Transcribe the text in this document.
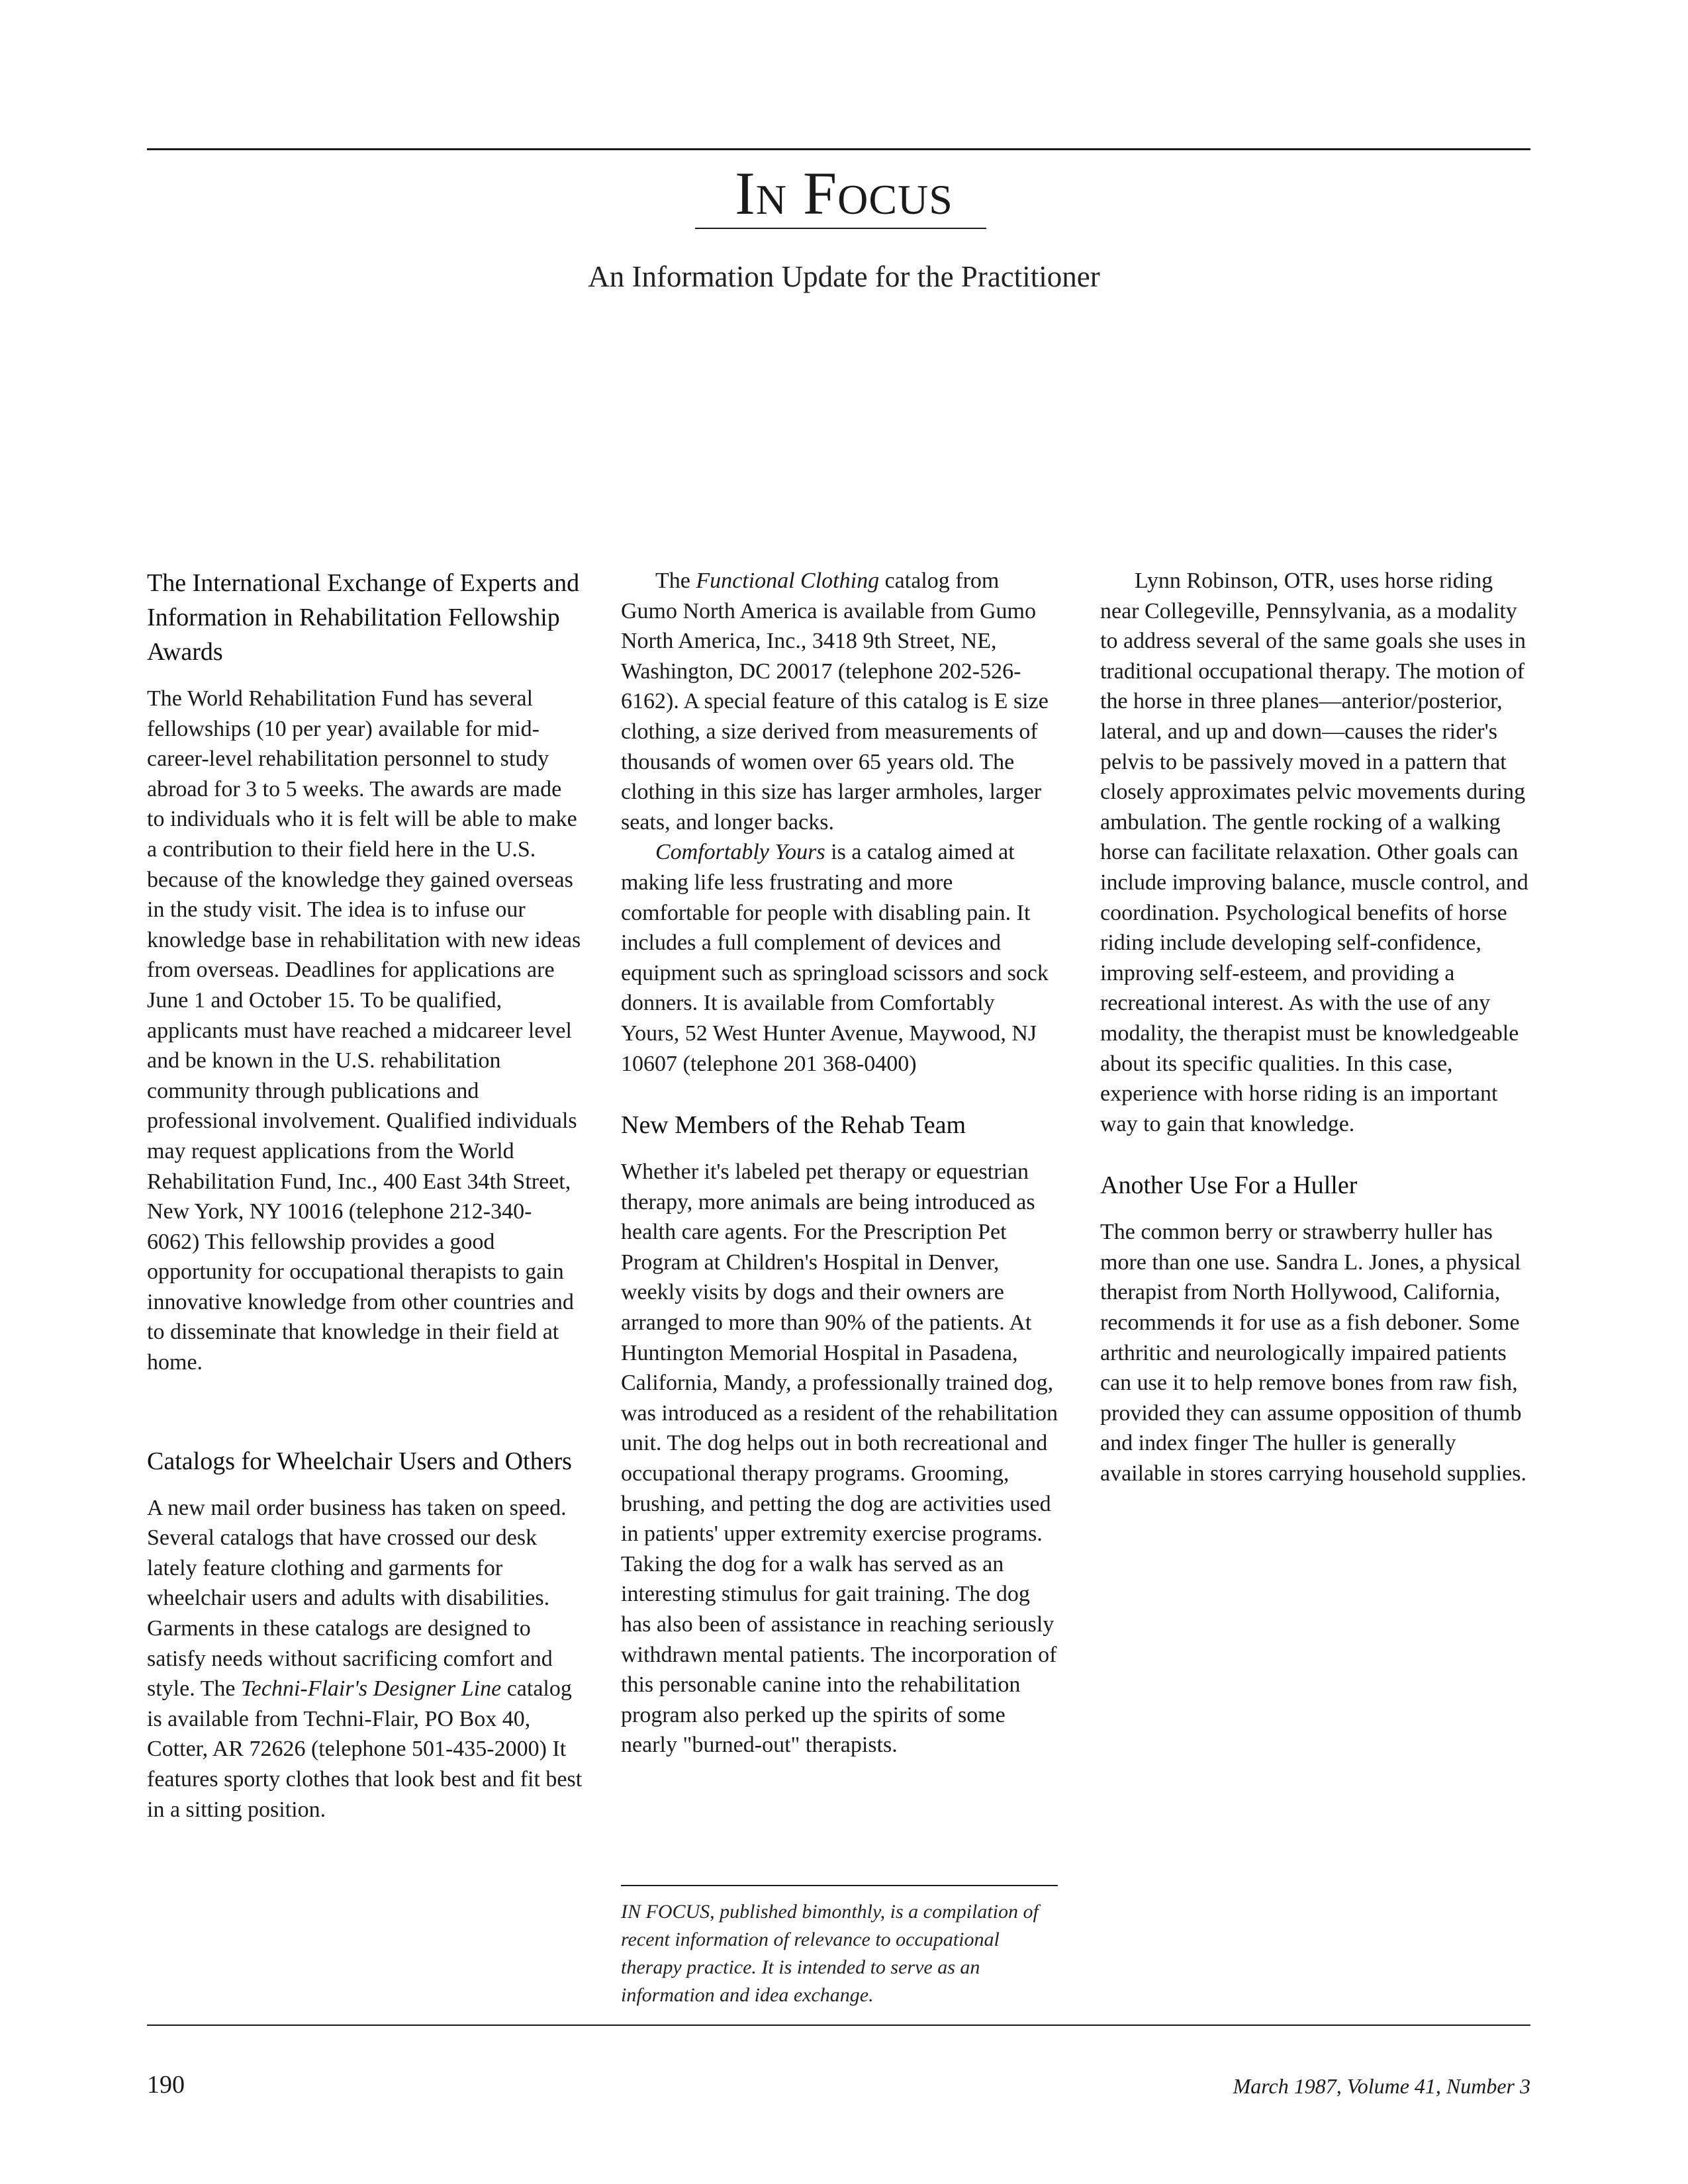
In Focus
An Information Update for the Practitioner
The International Exchange of Experts and Information in Rehabilitation Fellowship Awards

The World Rehabilitation Fund has several fellowships (10 per year) available for mid-career-level rehabilitation personnel to study abroad for 3 to 5 weeks. The awards are made to individuals who it is felt will be able to make a contribution to their field here in the U.S. because of the knowledge they gained overseas in the study visit. The idea is to infuse our knowledge base in rehabilitation with new ideas from overseas. Deadlines for applications are June 1 and October 15. To be qualified, applicants must have reached a midcareer level and be known in the U.S. rehabilitation community through publications and professional involvement. Qualified individuals may request applications from the World Rehabilitation Fund, Inc., 400 East 34th Street, New York, NY 10016 (telephone 212-340-6062) This fellowship provides a good opportunity for occupational therapists to gain innovative knowledge from other countries and to disseminate that knowledge in their field at home.

Catalogs for Wheelchair Users and Others

A new mail order business has taken on speed. Several catalogs that have crossed our desk lately feature clothing and garments for wheelchair users and adults with disabilities. Garments in these catalogs are designed to satisfy needs without sacrificing comfort and style. The Techni-Flair's Designer Line catalog is available from Techni-Flair, PO Box 40, Cotter, AR 72626 (telephone 501-435-2000) It features sporty clothes that look best and fit best in a sitting position.

The Functional Clothing catalog from Gumo North America is available from Gumo North America, Inc., 3418 9th Street, NE, Washington, DC 20017 (telephone 202-526-6162). A special feature of this catalog is E size clothing, a size derived from measurements of thousands of women over 65 years old. The clothing in this size has larger armholes, larger seats, and longer backs.

Comfortably Yours is a catalog aimed at making life less frustrating and more comfortable for people with disabling pain. It includes a full complement of devices and equipment such as springload scissors and sock donners. It is available from Comfortably Yours, 52 West Hunter Avenue, Maywood, NJ 10607 (telephone 201 368-0400)

New Members of the Rehab Team

Whether it's labeled pet therapy or equestrian therapy, more animals are being introduced as health care agents. For the Prescription Pet Program at Children's Hospital in Denver, weekly visits by dogs and their owners are arranged to more than 90% of the patients. At Huntington Memorial Hospital in Pasadena, California, Mandy, a professionally trained dog, was introduced as a resident of the rehabilitation unit. The dog helps out in both recreational and occupational therapy programs. Grooming, brushing, and petting the dog are activities used in patients' upper extremity exercise programs. Taking the dog for a walk has served as an interesting stimulus for gait training. The dog has also been of assistance in reaching seriously withdrawn mental patients. The incorporation of this personable canine into the rehabilitation program also perked up the spirits of some nearly "burned-out" therapists.

Lynn Robinson, OTR, uses horse riding near Collegeville, Pennsylvania, as a modality to address several of the same goals she uses in traditional occupational therapy. The motion of the horse in three planes—anterior/posterior, lateral, and up and down—causes the rider's pelvis to be passively moved in a pattern that closely approximates pelvic movements during ambulation. The gentle rocking of a walking horse can facilitate relaxation. Other goals can include improving balance, muscle control, and coordination. Psychological benefits of horse riding include developing self-confidence, improving self-esteem, and providing a recreational interest. As with the use of any modality, the therapist must be knowledgeable about its specific qualities. In this case, experience with horse riding is an important way to gain that knowledge.

Another Use For a Huller

The common berry or strawberry huller has more than one use. Sandra L. Jones, a physical therapist from North Hollywood, California, recommends it for use as a fish deboner. Some arthritic and neurologically impaired patients can use it to help remove bones from raw fish, provided they can assume opposition of thumb and index finger The huller is generally available in stores carrying household supplies.

IN FOCUS, published bimonthly, is a compilation of recent information of relevance to occupational therapy practice. It is intended to serve as an information and idea exchange.
190	March 1987, Volume 41, Number 3
